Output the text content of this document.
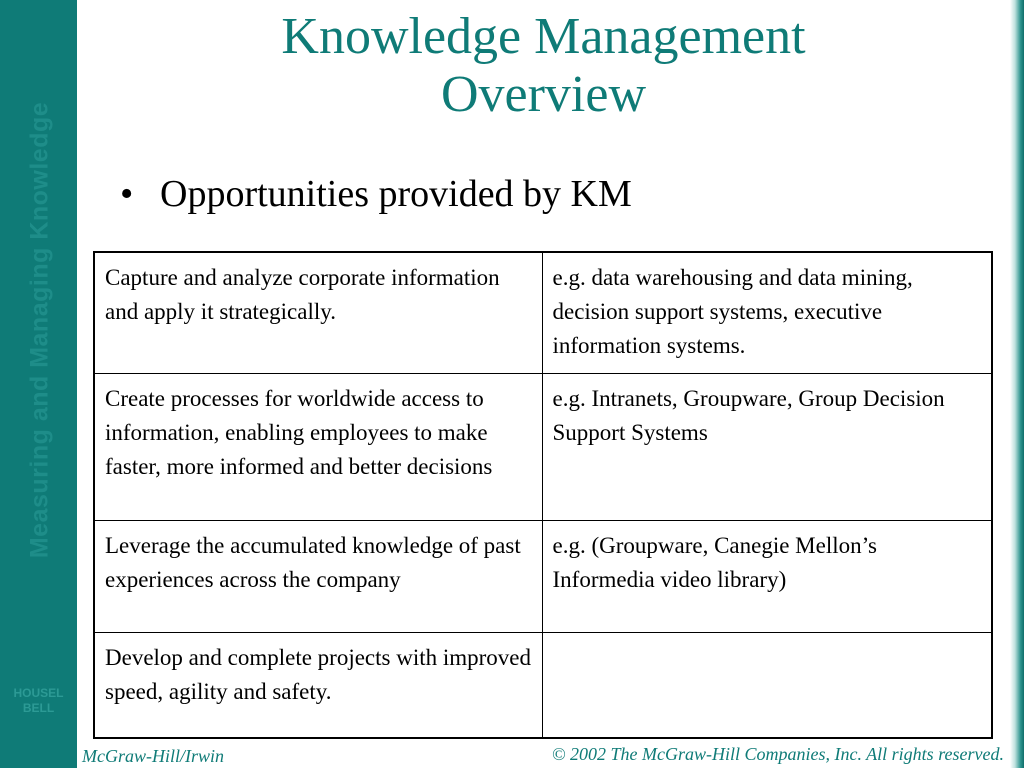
Measuring and Managing Knowledge
HOUSEL
BELL
Knowledge Management
Overview
• Opportunities provided by KM
Capture and analyze corporate information and apply it strategically.	e.g. data warehousing and data mining, decision support systems, executive information systems.
Create processes for worldwide access to information, enabling employees to make faster, more informed and better decisions	e.g. Intranets, Groupware, Group Decision Support Systems
Leverage the accumulated knowledge of past experiences across the company	e.g. (Groupware, Canegie Mellon’s Informedia video library)
Develop and complete projects with improved speed, agility and safety.	
McGraw-Hill/Irwin	© 2002 The McGraw-Hill Companies, Inc. All rights reserved.
